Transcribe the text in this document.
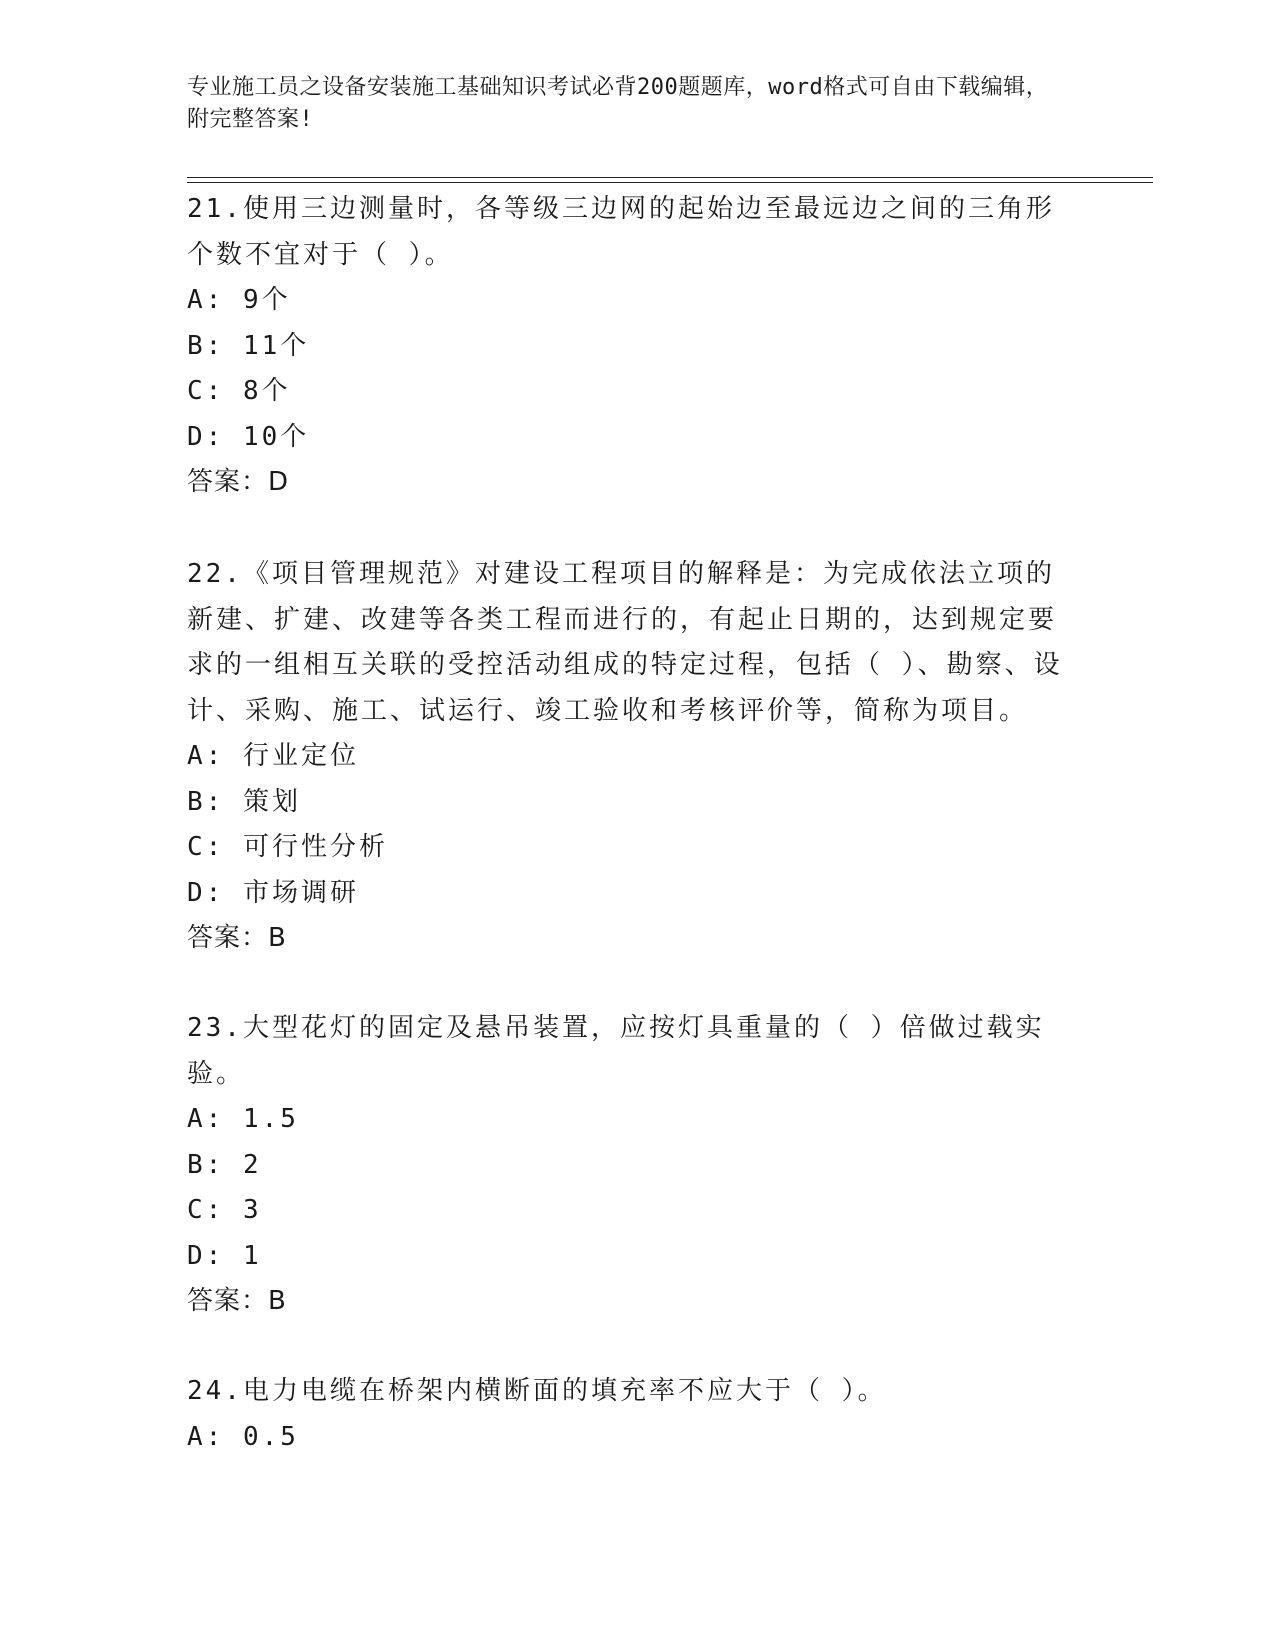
专业施工员之设备安装施工基础知识考试必背200题题库，word格式可自由下载编辑，附完整答案!

21.使用三边测量时，各等级三边网的起始边至最远边之间的三角形个数不宜对于（ ）。

A: 9个

B: 11个

C: 8个

D: 10个

答案：D

22.《项目管理规范》对建设工程项目的解释是：为完成依法立项的新建、扩建、改建等各类工程而进行的，有起止日期的，达到规定要求的一组相互关联的受控活动组成的特定过程，包括（ ）、勘察、设计、采购、施工、试运行、竣工验收和考核评价等，简称为项目。

A: 行业定位

B: 策划

C: 可行性分析

D: 市场调研

答案：B

23.大型花灯的固定及悬吊装置，应按灯具重量的（ ）倍做过载实验。

A: 1.5

B: 2

C: 3

D: 1

答案：B

24.电力电缆在桥架内横断面的填充率不应大于（ ）。

A: 0.5
